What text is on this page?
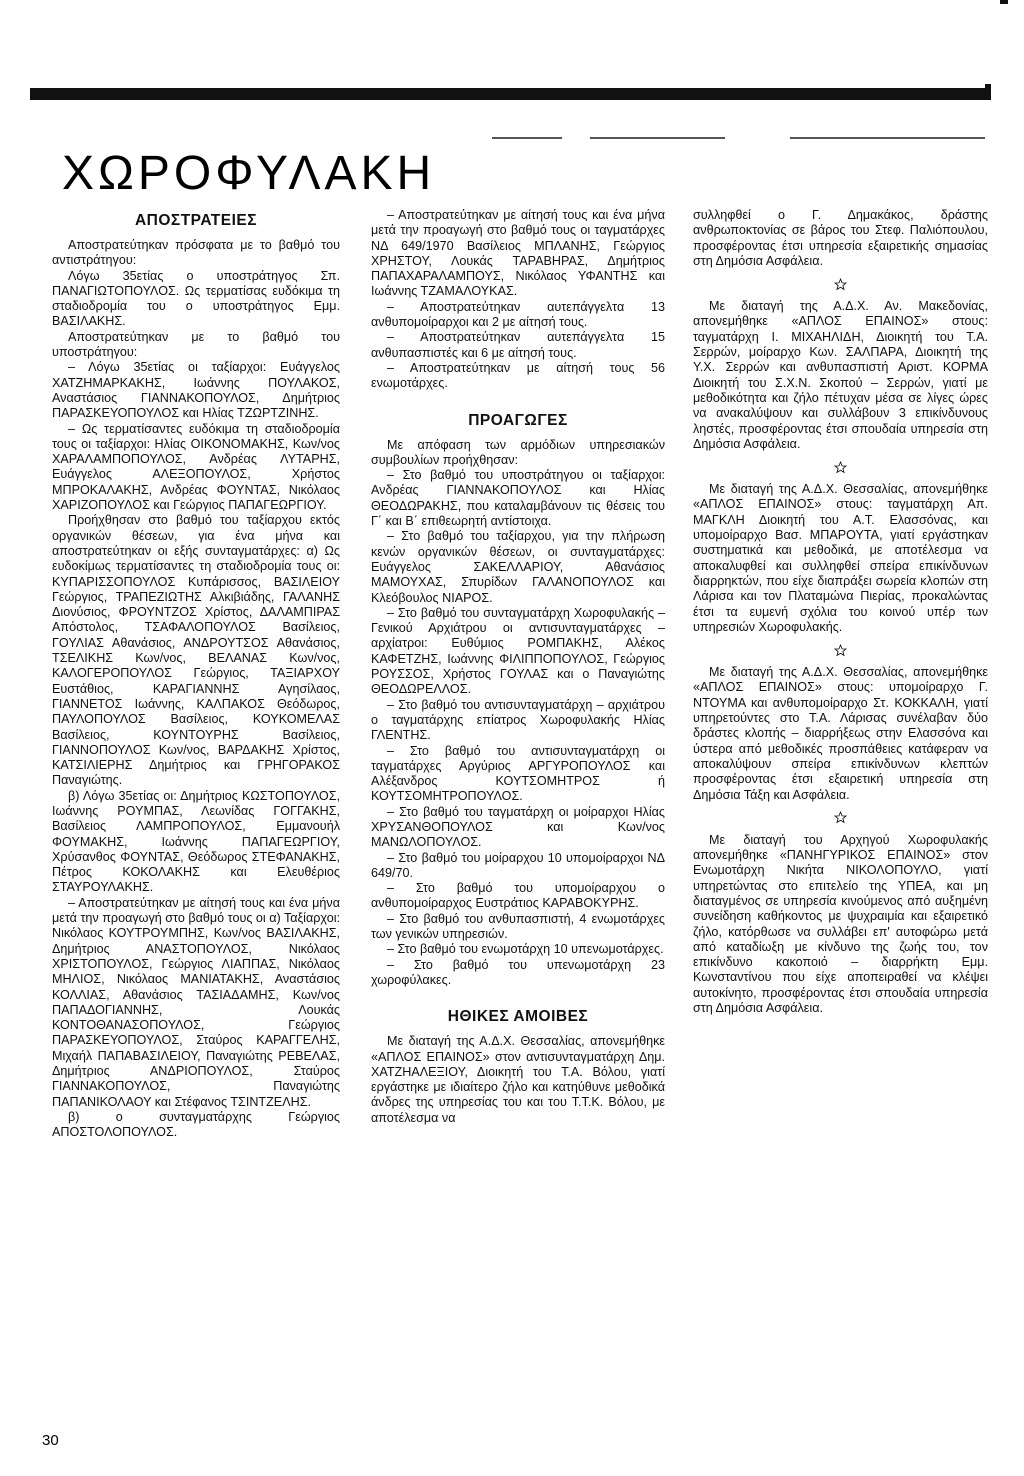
ΧΩΡΟΦΥΛΑΚΗ
ΑΠΟΣΤΡΑΤΕΙΕΣ

Αποστρατεύτηκαν πρόσφατα με το βαθμό του αντιστράτηγου:

Λόγω 35ετίας ο υποστράτηγος Σπ. ΠΑΝΑΓΙΩΤΟΠΟΥΛΟΣ. Ως τερματίσας ευδόκιμα τη σταδιοδρομία του ο υποστράτηγος Εμμ. ΒΑΣΙΛΑΚΗΣ.

Αποστρατεύτηκαν με το βαθμό του υποστράτηγου:

– Λόγω 35ετίας οι ταξίαρχοι: Ευάγγελος ΧΑΤΖΗΜΑΡΚΑΚΗΣ, Ιωάννης ΠΟΥΛΑΚΟΣ, Αναστάσιος ΓΙΑΝΝΑΚΟΠΟΥΛΟΣ, Δημήτριος ΠΑΡΑΣΚΕΥΟΠΟΥΛΟΣ και Ηλίας ΤΖΩΡΤΖΙΝΗΣ.

– Ως τερματίσαντες ευδόκιμα τη σταδιοδρομία τους οι ταξίαρχοι: Ηλίας ΟΙΚΟΝΟΜΑΚΗΣ, Κων/νος ΧΑΡΑΛΑΜΠΟΠΟΥΛΟΣ, Ανδρέας ΛΥΤΑΡΗΣ, Ευάγγελος ΑΛΕΞΟΠΟΥΛΟΣ, Χρήστος ΜΠΡΟΚΑΛΑΚΗΣ, Ανδρέας ΦΟΥΝΤΑΣ, Νικόλαος ΧΑΡΙΖΟΠΟΥΛΟΣ και Γεώργιος ΠΑΠΑΓΕΩΡΓΙΟΥ.

Προήχθησαν στο βαθμό του ταξίαρχου εκτός οργανικών θέσεων, για ένα μήνα και αποστρατεύτηκαν οι εξής συνταγματάρχες: α) Ως ευδοκίμως τερματίσαντες τη σταδιοδρομία τους οι: ΚΥΠΑΡΙΣΣΟΠΟΥΛΟΣ Κυπάρισσος, ΒΑΣΙΛΕΙΟΥ Γεώργιος, ΤΡΑΠΕΖΙΩΤΗΣ Αλκιβιάδης, ΓΑΛΑΝΗΣ Διονύσιος, ΦΡΟΥΝΤΖΟΣ Χρίστος, ΔΑΛΑΜΠΙΡΑΣ Απόστολος, ΤΣΑΦΑΛΟΠΟΥΛΟΣ Βασίλειος, ΓΟΥΛΙΑΣ Αθανάσιος, ΑΝΔΡΟΥΤΣΟΣ Αθανάσιος, ΤΣΕΛΙΚΗΣ Κων/νος, ΒΕΛΑΝΑΣ Κων/νος, ΚΑΛΟΓΕΡΟΠΟΥΛΟΣ Γεώργιος, ΤΑΞΙΑΡΧΟΥ Ευστάθιος, ΚΑΡΑΓΙΑΝΝΗΣ Αγησίλαος, ΓΙΑΝΝΕΤΟΣ Ιωάννης, ΚΑΛΠΑΚΟΣ Θεόδωρος, ΠΑΥΛΟΠΟΥΛΟΣ Βασίλειος, ΚΟΥΚΟΜΕΛΑΣ Βασίλειος, ΚΟΥΝΤΟΥΡΗΣ Βασίλειος, ΓΙΑΝΝΟΠΟΥΛΟΣ Κων/νος, ΒΑΡΔΑΚΗΣ Χρίστος, ΚΑΤΣΙΛΙΕΡΗΣ Δημήτριος και ΓΡΗΓΟΡΑΚΟΣ Παναγιώτης.

β) Λόγω 35ετίας οι: Δημήτριος ΚΩΣΤΟΠΟΥΛΟΣ, Ιωάννης ΡΟΥΜΠΑΣ, Λεωνίδας ΓΟΓΓΑΚΗΣ, Βασίλειος ΛΑΜΠΡΟΠΟΥΛΟΣ, Εμμανουήλ ΦΟΥΜΑΚΗΣ, Ιωάννης ΠΑΠΑΓΕΩΡΓΙΟΥ, Χρύσανθος ΦΟΥΝΤΑΣ, Θεόδωρος ΣΤΕΦΑΝΑΚΗΣ, Πέτρος ΚΟΚΟΛΑΚΗΣ και Ελευθέριος ΣΤΑΥΡΟΥΛΑΚΗΣ.

– Αποστρατεύτηκαν με αίτησή τους και ένα μήνα μετά την προαγωγή στο βαθμό τους οι α) Ταξίαρχοι: Νικόλαος ΚΟΥΤΡΟΥΜΠΗΣ, Κων/νος ΒΑΣΙΛΑΚΗΣ, Δημήτριος ΑΝΑΣΤΟΠΟΥΛΟΣ, Νικόλαος ΧΡΙΣΤΟΠΟΥΛΟΣ, Γεώργιος ΛΙΑΠΠΑΣ, Νικόλαος ΜΗΛΙΟΣ, Νικόλαος ΜΑΝΙΑΤΑΚΗΣ, Αναστάσιος ΚΟΛΛΙΑΣ, Αθανάσιος ΤΑΣΙΑΔΑΜΗΣ, Κων/νος ΠΑΠΑΔΟΓΙΑΝΝΗΣ, Λουκάς ΚΟΝΤΟΘΑΝΑΣΟΠΟΥΛΟΣ, Γεώργιος ΠΑΡΑΣΚΕΥΟΠΟΥΛΟΣ, Σταύρος ΚΑΡΑΓΓΕΛΗΣ, Μιχαήλ ΠΑΠΑΒΑΣΙΛΕΙΟΥ, Παναγιώτης ΡΕΒΕΛΑΣ, Δημήτριος ΑΝΔΡΙΟΠΟΥΛΟΣ, Σταύρος ΓΙΑΝΝΑΚΟΠΟΥΛΟΣ, Παναγιώτης ΠΑΠΑΝΙΚΟΛΑΟΥ και Στέφανος ΤΣΙΝΤΖΕΛΗΣ.

β) ο συνταγματάρχης Γεώργιος ΑΠΟΣΤΟΛΟΠΟΥΛΟΣ.

– Αποστρατεύτηκαν με αίτησή τους και ένα μήνα μετά την προαγωγή στο βαθμό τους οι ταγματάρχες ΝΔ 649/1970 Βασίλειος ΜΠΛΑΝΗΣ, Γεώργιος ΧΡΗΣΤΟΥ, Λουκάς ΤΑΡΑΒΗΡΑΣ, Δημήτριος ΠΑΠΑΧΑΡΑΛΑΜΠΟΥΣ, Νικόλαος ΥΦΑΝΤΗΣ και Ιωάννης ΤΖΑΜΑΛΟΥΚΑΣ.

– Αποστρατεύτηκαν αυτεπάγγελτα 13 ανθυπομοίραρχοι και 2 με αίτησή τους.

– Αποστρατεύτηκαν αυτεπάγγελτα 15 ανθυπασπιστές και 6 με αίτησή τους.

– Αποστρατεύτηκαν με αίτησή τους 56 ενωμοτάρχες.

ΠΡΟΑΓΩΓΕΣ

Με απόφαση των αρμόδιων υπηρεσιακών συμβουλίων προήχθησαν:

– Στο βαθμό του υποστράτηγου οι ταξίαρχοι: Ανδρέας ΓΙΑΝΝΑΚΟΠΟΥΛΟΣ και Ηλίας ΘΕΟΔΩΡΑΚΗΣ, που καταλαμβάνουν τις θέσεις του Γ΄ και Β΄ επιθεωρητή αντίστοιχα.

– Στο βαθμό του ταξίαρχου, για την πλήρωση κενών οργανικών θέσεων, οι συνταγματάρχες: Ευάγγελος ΣΑΚΕΛΛΑΡΙΟΥ, Αθανάσιος ΜΑΜΟΥΧΑΣ, Σπυρίδων ΓΑΛΑΝΟΠΟΥΛΟΣ και Κλεόβουλος ΝΙΑΡΟΣ.

– Στο βαθμό του συνταγματάρχη Χωροφυλακής – Γενικού Αρχιάτρου οι αντισυνταγματάρχες – αρχίατροι: Ευθύμιος ΡΟΜΠΑΚΗΣ, Αλέκος ΚΑΦΕΤΖΗΣ, Ιωάννης ΦΙΛΙΠΠΟΠΟΥΛΟΣ, Γεώργιος ΡΟΥΣΣΟΣ, Χρήστος ΓΟΥΛΑΣ και ο Παναγιώτης ΘΕΟΔΩΡΕΛΛΟΣ.

– Στο βαθμό του αντισυνταγματάρχη – αρχιάτρου ο ταγματάρχης επίατρος Χωροφυλακής Ηλίας ΓΛΕΝΤΗΣ.

– Στο βαθμό του αντισυνταγματάρχη οι ταγματάρχες Αργύριος ΑΡΓΥΡΟΠΟΥΛΟΣ και Αλέξανδρος ΚΟΥΤΣΟΜΗΤΡΟΣ ή ΚΟΥΤΣΟΜΗΤΡΟΠΟΥΛΟΣ.

– Στο βαθμό του ταγματάρχη οι μοίραρχοι Ηλίας ΧΡΥΣΑΝΘΟΠΟΥΛΟΣ και Κων/νος ΜΑΝΩΛΟΠΟΥΛΟΣ.

– Στο βαθμό του μοίραρχου 10 υπομοίραρχοι ΝΔ 649/70.

– Στο βαθμό του υπομοίραρχου ο ανθυπομοίραρχος Ευστράτιος ΚΑΡΑΒΟΚΥΡΗΣ.

– Στο βαθμό του ανθυπασπιστή, 4 ενωμοτάρχες των γενικών υπηρεσιών.

– Στο βαθμό του ενωμοτάρχη 10 υπενωμοτάρχες.

– Στο βαθμό του υπενωμοτάρχη 23 χωροφύλακες.

ΗΘΙΚΕΣ ΑΜΟΙΒΕΣ

Με διαταγή της Α.Δ.Χ. Θεσσαλίας, απονεμήθηκε «ΑΠΛΟΣ ΕΠΑΙΝΟΣ» στον αντισυνταγματάρχη Δημ. ΧΑΤΖΗΑΛΕΞΙΟΥ, Διοικητή του Τ.Α. Βόλου, γιατί εργάστηκε με ιδιαίτερο ζήλο και κατηύθυνε μεθοδικά άνδρες της υπηρεσίας του και του Τ.Τ.Κ. Βόλου, με αποτέλεσμα να

συλληφθεί ο Γ. Δημακάκος, δράστης ανθρωποκτονίας σε βάρος του Στεφ. Παλιόπουλου, προσφέροντας έτσι υπηρεσία εξαιρετικής σημασίας στη Δημόσια Ασφάλεια.

Με διαταγή της Α.Δ.Χ. Αν. Μακεδονίας, απονεμήθηκε «ΑΠΛΟΣ ΕΠΑΙΝΟΣ» στους: ταγματάρχη Ι. ΜΙΧΑΗΛΙΔΗ, Διοικητή του Τ.Α. Σερρών, μοίραρχο Κων. ΣΑΛΠΑΡΑ, Διοικητή της Υ.Χ. Σερρών και ανθυπασπιστή Αριστ. ΚΟΡΜΑ Διοικητή του Σ.Χ.Ν. Σκοπού – Σερρών, γιατί με μεθοδικότητα και ζήλο πέτυχαν μέσα σε λίγες ώρες να ανακαλύψουν και συλλάβουν 3 επικίνδυνους ληστές, προσφέροντας έτσι σπουδαία υπηρεσία στη Δημόσια Ασφάλεια.

Με διαταγή της Α.Δ.Χ. Θεσσαλίας, απονεμήθηκε «ΑΠΛΟΣ ΕΠΑΙΝΟΣ» στους: ταγματάρχη Απ. ΜΑΓΚΛΗ Διοικητή του Α.Τ. Ελασσόνας, και υπομοίραρχο Βασ. ΜΠΑΡΟΥΤΑ, γιατί εργάστηκαν συστηματικά και μεθοδικά, με αποτέλεσμα να αποκαλυφθεί και συλληφθεί σπείρα επικίνδυνων διαρρηκτών, που είχε διαπράξει σωρεία κλοπών στη Λάρισα και τον Πλαταμώνα Πιερίας, προκαλώντας έτσι τα ευμενή σχόλια του κοινού υπέρ των υπηρεσιών Χωροφυλακής.

Με διαταγή της Α.Δ.Χ. Θεσσαλίας, απονεμήθηκε «ΑΠΛΟΣ ΕΠΑΙΝΟΣ» στους: υπομοίραρχο Γ. ΝΤΟΥΜΑ και ανθυπομοίραρχο Στ. ΚΟΚΚΑΛΗ, γιατί υπηρετούντες στο Τ.Α. Λάρισας συνέλαβαν δύο δράστες κλοπής – διαρρήξεως στην Ελασσόνα και ύστερα από μεθοδικές προσπάθειες κατάφεραν να αποκαλύψουν σπείρα επικίνδυνων κλεπτών προσφέροντας έτσι εξαιρετική υπηρεσία στη Δημόσια Τάξη και Ασφάλεια.

Με διαταγή του Αρχηγού Χωροφυλακής απονεμήθηκε «ΠΑΝΗΓΥΡΙΚΟΣ ΕΠΑΙΝΟΣ» στον Ενωμοτάρχη Νικήτα ΝΙΚΟΛΟΠΟΥΛΟ, γιατί υπηρετώντας στο επιτελείο της ΥΠΕΑ, και μη διαταγμένος σε υπηρεσία κινούμενος από αυξημένη συνείδηση καθήκοντος με ψυχραιμία και εξαιρετικό ζήλο, κατόρθωσε να συλλάβει επ' αυτοφώρω μετά από καταδίωξη με κίνδυνο της ζωής του, τον επικίνδυνο κακοποιό – διαρρήκτη Εμμ. Κωνσταντίνου που είχε αποπειραθεί να κλέψει αυτοκίνητο, προσφέροντας έτσι σπουδαία υπηρεσία στη Δημόσια Ασφάλεια.

30
